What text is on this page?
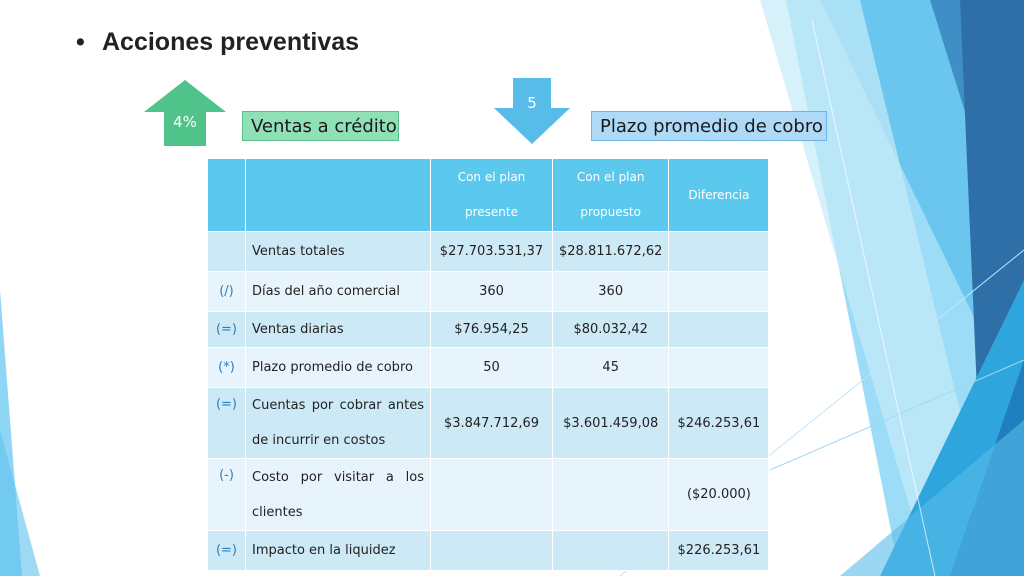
• Acciones preventivas
4%
5
Ventas a crédito	Plazo promedio de cobro
		Con el plan presente	Con el plan propuesto	Diferencia
	Ventas totales	$27.703.531,37	$28.811.672,62	
(/)	Días del año comercial	360	360	
(=)	Ventas diarias	$76.954,25	$80.032,42	
(*)	Plazo promedio de cobro	50	45	
(=)	Cuentas por cobrar antes de incurrir en costos	$3.847.712,69	$3.601.459,08	$246.253,61
(-)	Costo por visitar a los clientes			($20.000)
(=)	Impacto en la liquidez			$226.253,61
